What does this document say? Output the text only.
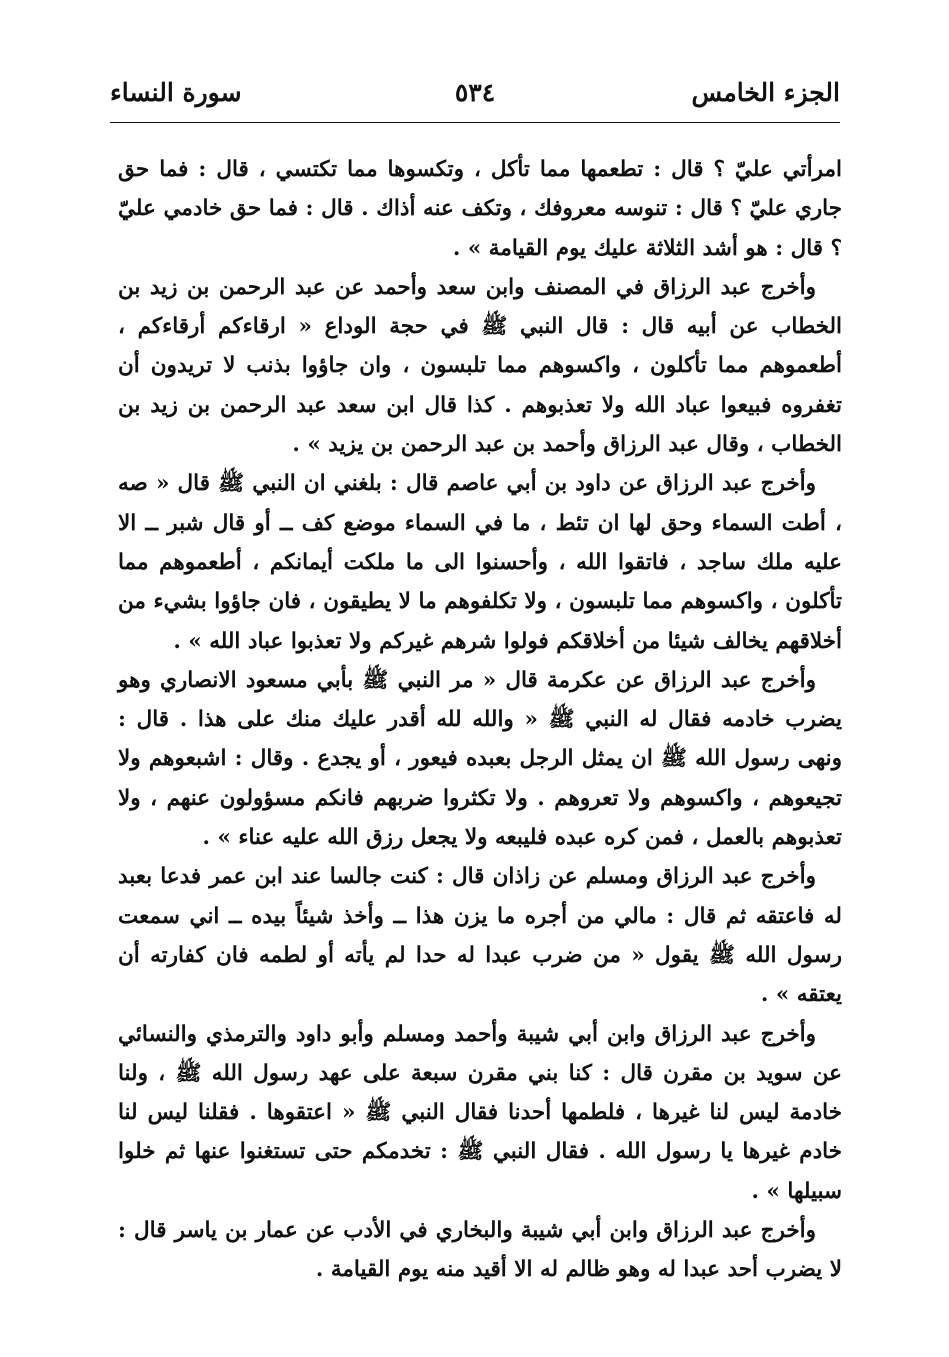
الجزء الخامس
٥٣٤
سورة النساء

امرأتي عليّ ؟ قال : تطعمها مما تأكل ، وتكسوها مما تكتسي ، قال : فما حق جاري عليّ ؟ قال : تنوسه معروفك ، وتكف عنه أذاك . قال : فما حق خادمي عليّ ؟ قال : هو أشد الثلاثة عليك يوم القيامة » .

وأخرج عبد الرزاق في المصنف وابن سعد وأحمد عن عبد الرحمن بن زيد بن الخطاب عن أبيه قال : قال النبي ﷺ في حجة الوداع « ارقاءكم أرقاءكم ، أطعموهم مما تأكلون ، واكسوهم مما تلبسون ، وان جاؤوا بذنب لا تريدون أن تغفروه فبيعوا عباد الله ولا تعذبوهم . كذا قال ابن سعد عبد الرحمن بن زيد بن الخطاب ، وقال عبد الرزاق وأحمد بن عبد الرحمن بن يزيد » .

وأخرج عبد الرزاق عن داود بن أبي عاصم قال : بلغني ان النبي ﷺ قال « صه ، أطت السماء وحق لها ان تئط ، ما في السماء موضع كف ــ أو قال شبر ــ الا عليه ملك ساجد ، فاتقوا الله ، وأحسنوا الى ما ملكت أيمانكم ، أطعموهم مما تأكلون ، واكسوهم مما تلبسون ، ولا تكلفوهم ما لا يطيقون ، فان جاؤوا بشيء من أخلاقهم يخالف شيئا من أخلاقكم فولوا شرهم غيركم ولا تعذبوا عباد الله » .

وأخرج عبد الرزاق عن عكرمة قال « مر النبي ﷺ بأبي مسعود الانصاري وهو يضرب خادمه فقال له النبي ﷺ « والله لله أقدر عليك منك على هذا . قال : ونهى رسول الله ﷺ ان يمثل الرجل بعبده فيعور ، أو يجدع . وقال : اشبعوهم ولا تجيعوهم ، واكسوهم ولا تعروهم . ولا تكثروا ضربهم فانكم مسؤولون عنهم ، ولا تعذبوهم بالعمل ، فمن كره عبده فليبعه ولا يجعل رزق الله عليه عناء » .

وأخرج عبد الرزاق ومسلم عن زاذان قال : كنت جالسا عند ابن عمر فدعا بعبد له فاعتقه ثم قال : مالي من أجره ما يزن هذا ــ وأخذ شيئاً بيده ــ اني سمعت رسول الله ﷺ يقول « من ضرب عبدا له حدا لم يأته أو لطمه فان كفارته أن يعتقه » .

وأخرج عبد الرزاق وابن أبي شيبة وأحمد ومسلم وأبو داود والترمذي والنسائي عن سويد بن مقرن قال : كنا بني مقرن سبعة على عهد رسول الله ﷺ ، ولنا خادمة ليس لنا غيرها ، فلطمها أحدنا فقال النبي ﷺ « اعتقوها . فقلنا ليس لنا خادم غيرها يا رسول الله . فقال النبي ﷺ : تخدمكم حتى تستغنوا عنها ثم خلوا سبيلها » .

وأخرج عبد الرزاق وابن أبي شيبة والبخاري في الأدب عن عمار بن ياسر قال : لا يضرب أحد عبدا له وهو ظالم له الا أقيد منه يوم القيامة .
